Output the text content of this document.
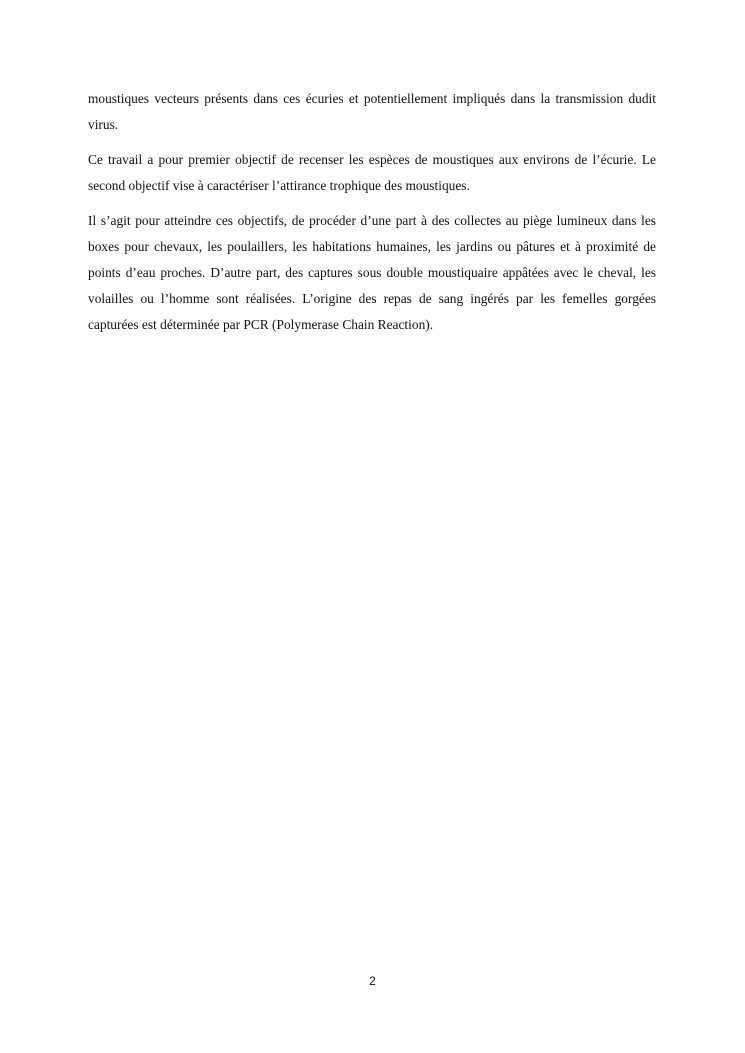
moustiques vecteurs présents dans ces écuries et potentiellement impliqués dans la transmission dudit virus.

Ce travail a pour premier objectif de recenser les espèces de moustiques aux environs de l’écurie. Le second objectif vise à caractériser l’attirance trophique des moustiques.

Il s’agit pour atteindre ces objectifs, de procéder d’une part à des collectes au piège lumineux dans les boxes pour chevaux, les poulaillers, les habitations humaines, les jardins ou pâtures et à proximité de points d’eau proches. D’autre part, des captures sous double moustiquaire appâtées avec le cheval, les volailles ou l’homme sont réalisées. L’origine des repas de sang ingérés par les femelles gorgées capturées est déterminée par PCR (Polymerase Chain Reaction).

2
